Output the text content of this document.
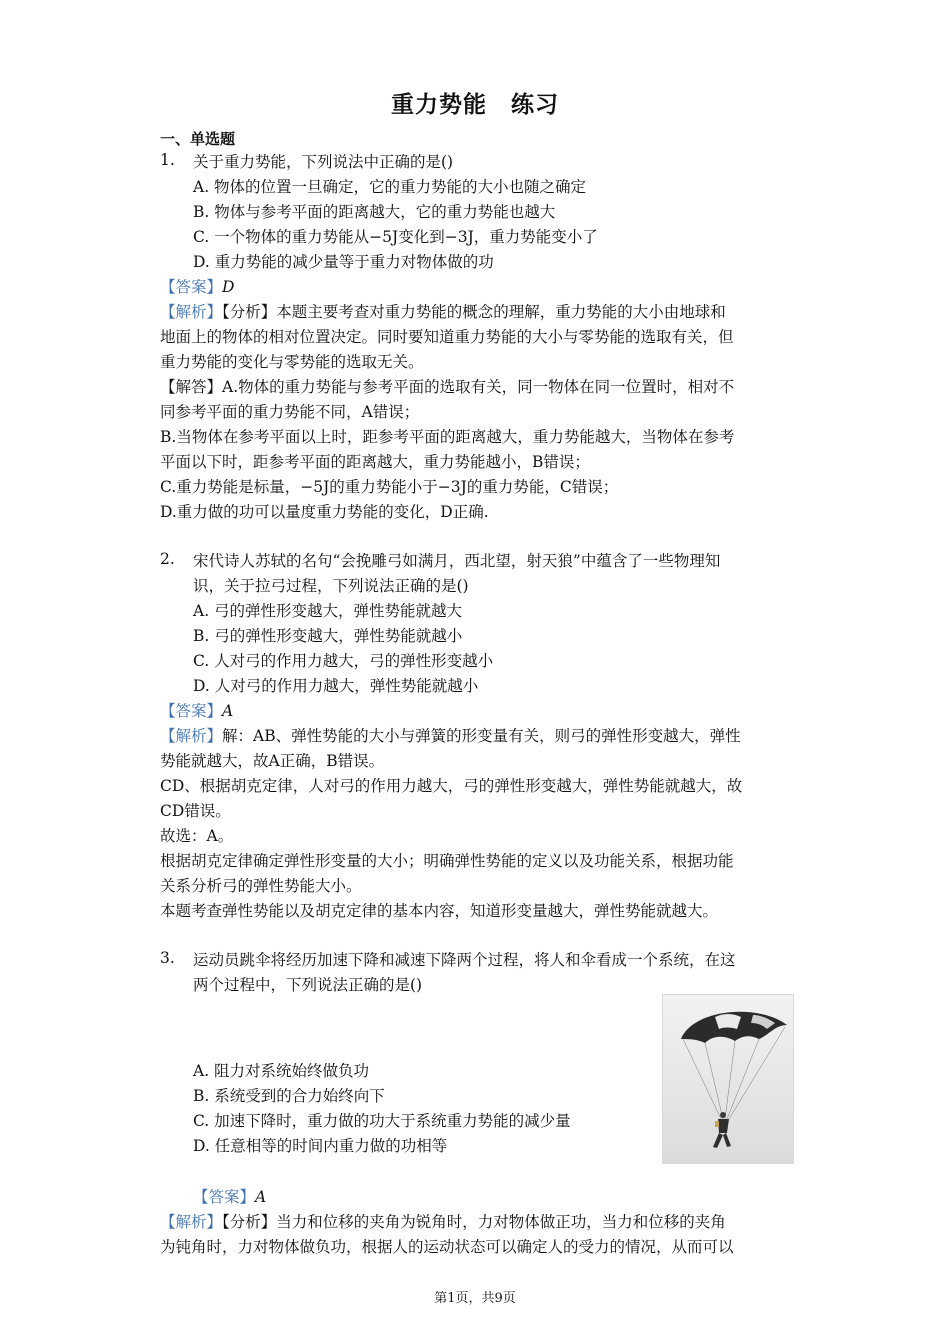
重力势能　练习
一、单选题
1. 关于重力势能，下列说法中正确的是()
A. 物体的位置一旦确定，它的重力势能的大小也随之确定
B. 物体与参考平面的距离越大，它的重力势能也越大
C. 一个物体的重力势能从−5J变化到−3J，重力势能变小了
D. 重力势能的减少量等于重力对物体做的功
【答案】D
【解析】【分析】本题主要考查对重力势能的概念的理解，重力势能的大小由地球和
地面上的物体的相对位置决定。同时要知道重力势能的大小与零势能的选取有关，但
重力势能的变化与零势能的选取无关。
【解答】A.物体的重力势能与参考平面的选取有关，同一物体在同一位置时，相对不
同参考平面的重力势能不同，A错误；
B.当物体在参考平面以上时，距参考平面的距离越大，重力势能越大，当物体在参考
平面以下时，距参考平面的距离越大，重力势能越小，B错误；
C.重力势能是标量，−5J的重力势能小于−3J的重力势能，C错误；
D.重力做的功可以量度重力势能的变化，D正确.
2. 宋代诗人苏轼的名句“会挽雕弓如满月，西北望，射天狼”中蕴含了一些物理知
识，关于拉弓过程，下列说法正确的是()
A. 弓的弹性形变越大，弹性势能就越大
B. 弓的弹性形变越大，弹性势能就越小
C. 人对弓的作用力越大，弓的弹性形变越小
D. 人对弓的作用力越大，弹性势能就越小
【答案】A
【解析】解：AB、弹性势能的大小与弹簧的形变量有关，则弓的弹性形变越大，弹性
势能就越大，故A正确，B错误。
CD、根据胡克定律，人对弓的作用力越大，弓的弹性形变越大，弹性势能就越大，故
CD错误。
故选：A。
根据胡克定律确定弹性形变量的大小；明确弹性势能的定义以及功能关系，根据功能
关系分析弓的弹性势能大小。
本题考查弹性势能以及胡克定律的基本内容，知道形变量越大，弹性势能就越大。
3. 运动员跳伞将经历加速下降和减速下降两个过程，将人和伞看成一个系统，在这
两个过程中，下列说法正确的是()
A. 阻力对系统始终做负功
B. 系统受到的合力始终向下
C. 加速下降时，重力做的功大于系统重力势能的减少量
D. 任意相等的时间内重力做的功相等
【答案】A
【解析】【分析】当力和位移的夹角为锐角时，力对物体做正功，当力和位移的夹角
为钝角时，力对物体做负功，根据人的运动状态可以确定人的受力的情况，从而可以
第1页，共9页
